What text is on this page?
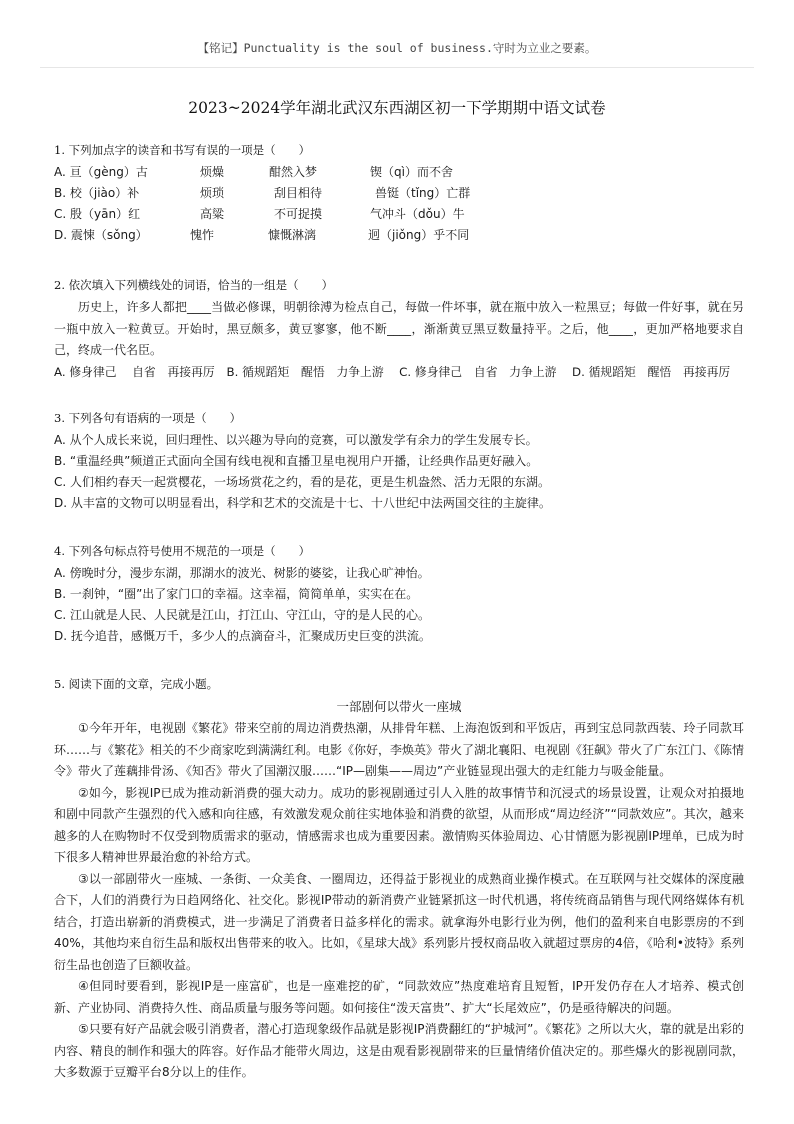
【铭记】Punctuality is the soul of business.守时为立业之要素。
2023~2024学年湖北武汉东西湖区初一下学期期中语文试卷
1. 下列加点字的读音和书写有误的一项是（　　）
A. 亘（gèng）古	烦燥	酣然入梦	锲（qì）而不舍
B. 校（jiào）补	烦琐	刮目相待	兽铤（tǐng）亡群
C. 殷（yān）红	高粱	不可捉摸	气冲斗（dǒu）牛
D. 震悚（sǒng）	愧怍	慷慨淋漓	迥（jiǒng）乎不同
2. 依次填入下列横线处的词语，恰当的一组是（　　）

历史上，许多人都把____当做必修课，明朝徐溥为检点自己，每做一件坏事，就在瓶中放入一粒黑豆；每做一件好事，就在另一瓶中放入一粒黄豆。开始时，黑豆颇多，黄豆寥寥，他不断____，渐渐黄豆黑豆数量持平。之后，他____，更加严格地要求自己，终成一代名臣。

A. 修身律己　 自省　再接再厉　B. 循规蹈矩　醒悟　力争上游　 C. 修身律己　自省　力争上游　 D. 循规蹈矩　醒悟　再接再厉
3. 下列各句有语病的一项是（　　）
A. 从个人成长来说，回归理性、以兴趣为导向的竞赛，可以激发学有余力的学生发展专长。
B. “重温经典”频道正式面向全国有线电视和直播卫星电视用户开播，让经典作品更好融入。
C. 人们相约春天一起赏樱花，一场场赏花之约，看的是花，更是生机盎然、活力无限的东湖。
D. 从丰富的文物可以明显看出，科学和艺术的交流是十七、十八世纪中法两国交往的主旋律。
4. 下列各句标点符号使用不规范的一项是（　　）
A. 傍晚时分，漫步东湖，那湖水的波光、树影的婆娑，让我心旷神怡。
B. 一刹钟，“圈”出了家门口的幸福。这幸福，简简单单，实实在在。
C. 江山就是人民、人民就是江山，打江山、守江山，守的是人民的心。
D. 抚今追昔，感慨万千，多少人的点滴奋斗，汇聚成历史巨变的洪流。
5. 阅读下面的文章，完成小题。
一部剧何以带火一座城

①今年开年，电视剧《繁花》带来空前的周边消费热潮，从排骨年糕、上海泡饭到和平饭店，再到宝总同款西装、玲子同款耳环……与《繁花》相关的不少商家吃到满满红利。电影《你好，李焕英》带火了湖北襄阳、电视剧《狂飙》带火了广东江门、《陈情令》带火了莲藕排骨汤、《知否》带火了国潮汉服……“IP—剧集——周边”产业链显现出强大的走红能力与吸金能量。

②如今，影视IP已成为推动新消费的强大动力。成功的影视剧通过引人入胜的故事情节和沉浸式的场景设置，让观众对拍摄地和剧中同款产生强烈的代入感和向往感，有效激发观众前往实地体验和消费的欲望，从而形成“周边经济”“同款效应”。其次，越来越多的人在购物时不仅受到物质需求的驱动，情感需求也成为重要因素。激情购买体验周边、心甘情愿为影视剧IP埋单，已成为时下很多人精神世界最治愈的补给方式。

③以一部剧带火一座城、一条街、一众美食、一圈周边，还得益于影视业的成熟商业操作模式。在互联网与社交媒体的深度融合下，人们的消费行为日趋网络化、社交化。影视IP带动的新消费产业链紧抓这一时代机遇，将传统商品销售与现代网络媒体有机结合，打造出崭新的消费模式，进一步满足了消费者日益多样化的需求。就拿海外电影行业为例，他们的盈利来自电影票房的不到40%，其他均来自衍生品和版权出售带来的收入。比如，《星球大战》系列影片授权商品收入就超过票房的4倍，《哈利•波特》系列衍生品也创造了巨额收益。

④但同时要看到，影视IP是一座富矿，也是一座难挖的矿，“同款效应”热度难培育且短暂，IP开发仍存在人才培养、模式创新、产业协同、消费持久性、商品质量与服务等问题。如何接住“泼天富贵”、扩大“长尾效应”，仍是亟待解决的问题。

⑤只要有好产品就会吸引消费者，潜心打造现象级作品就是影视IP消费翻红的“护城河”。《繁花》之所以大火，靠的就是出彩的内容、精良的制作和强大的阵容。好作品才能带火周边，这是由观看影视剧带来的巨量情绪价值决定的。那些爆火的影视剧同款，大多数源于豆瓣平台8分以上的佳作。
